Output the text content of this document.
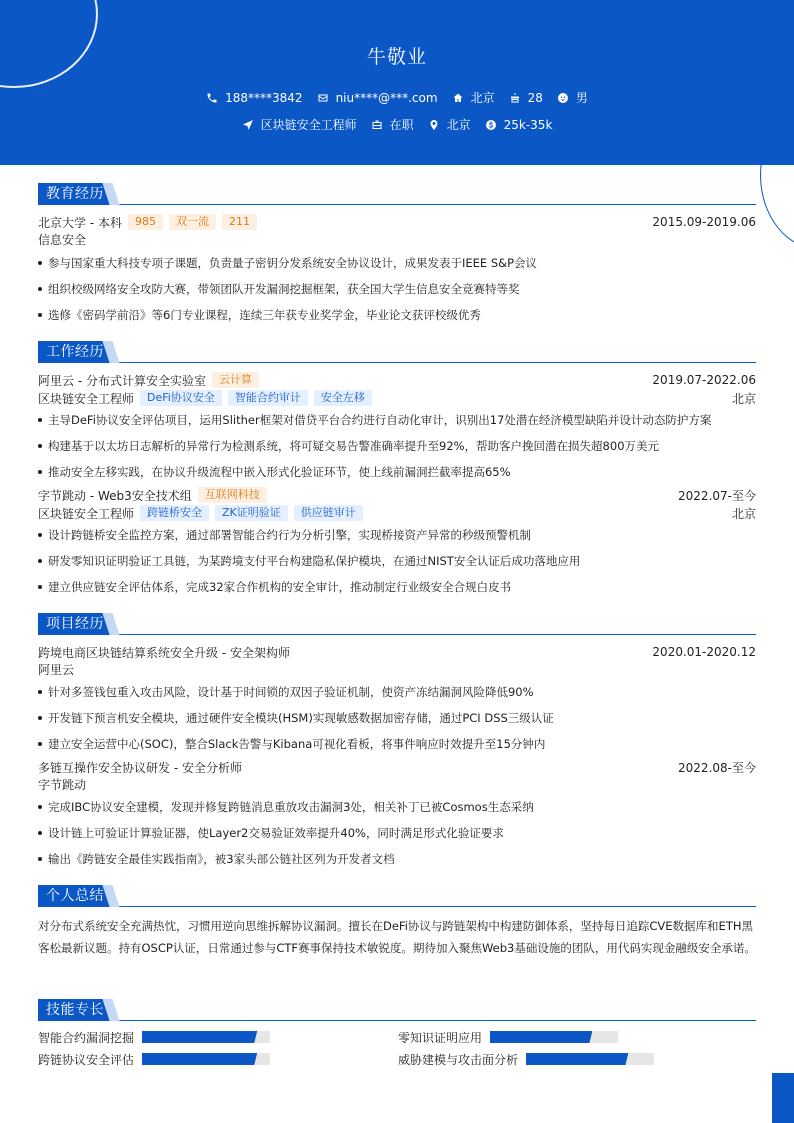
牛敬业
188****3842	niu****@***.com	北京	28	男
区块链安全工程师	在职	北京	25k-35k
教育经历
北京大学 - 本科	985	双一流	211	2015.09-2019.06
信息安全
参与国家重大科技专项子课题，负责量子密钥分发系统安全协议设计，成果发表于IEEE S&P会议
组织校级网络安全攻防大赛，带领团队开发漏洞挖掘框架，获全国大学生信息安全竞赛特等奖
选修《密码学前沿》等6门专业课程，连续三年获专业奖学金，毕业论文获评校级优秀
工作经历
阿里云 - 分布式计算安全实验室	云计算	2019.07-2022.06
区块链安全工程师	DeFi协议安全	智能合约审计	安全左移	北京
主导DeFi协议安全评估项目，运用Slither框架对借贷平台合约进行自动化审计，识别出17处潜在经济模型缺陷并设计动态防护方案
构建基于以太坊日志解析的异常行为检测系统，将可疑交易告警准确率提升至92%，帮助客户挽回潜在损失超800万美元
推动安全左移实践，在协议升级流程中嵌入形式化验证环节，使上线前漏洞拦截率提高65%
字节跳动 - Web3安全技术组	互联网科技	2022.07-至今
区块链安全工程师	跨链桥安全	ZK证明验证	供应链审计	北京
设计跨链桥安全监控方案，通过部署智能合约行为分析引擎，实现桥接资产异常的秒级预警机制
研发零知识证明验证工具链，为某跨境支付平台构建隐私保护模块，在通过NIST安全认证后成功落地应用
建立供应链安全评估体系，完成32家合作机构的安全审计，推动制定行业级安全合规白皮书
项目经历
跨境电商区块链结算系统安全升级 - 安全架构师	2020.01-2020.12
阿里云
针对多签钱包重入攻击风险，设计基于时间锁的双因子验证机制，使资产冻结漏洞风险降低90%
开发链下预言机安全模块，通过硬件安全模块(HSM)实现敏感数据加密存储，通过PCI DSS三级认证
建立安全运营中心(SOC)，整合Slack告警与Kibana可视化看板，将事件响应时效提升至15分钟内
多链互操作安全协议研发 - 安全分析师	2022.08-至今
字节跳动
完成IBC协议安全建模，发现并修复跨链消息重放攻击漏洞3处，相关补丁已被Cosmos生态采纳
设计链上可验证计算验证器，使Layer2交易验证效率提升40%，同时满足形式化验证要求
输出《跨链安全最佳实践指南》，被3家头部公链社区列为开发者文档
个人总结
对分布式系统安全充满热忱，习惯用逆向思维拆解协议漏洞。擅长在DeFi协议与跨链架构中构建防御体系，坚持每日追踪CVE数据库和ETH黑客松最新议题。持有OSCP认证，日常通过参与CTF赛事保持技术敏锐度。期待加入聚焦Web3基础设施的团队，用代码实现金融级安全承诺。
技能专长
智能合约漏洞挖掘	零知识证明应用
跨链协议安全评估	威胁建模与攻击面分析
